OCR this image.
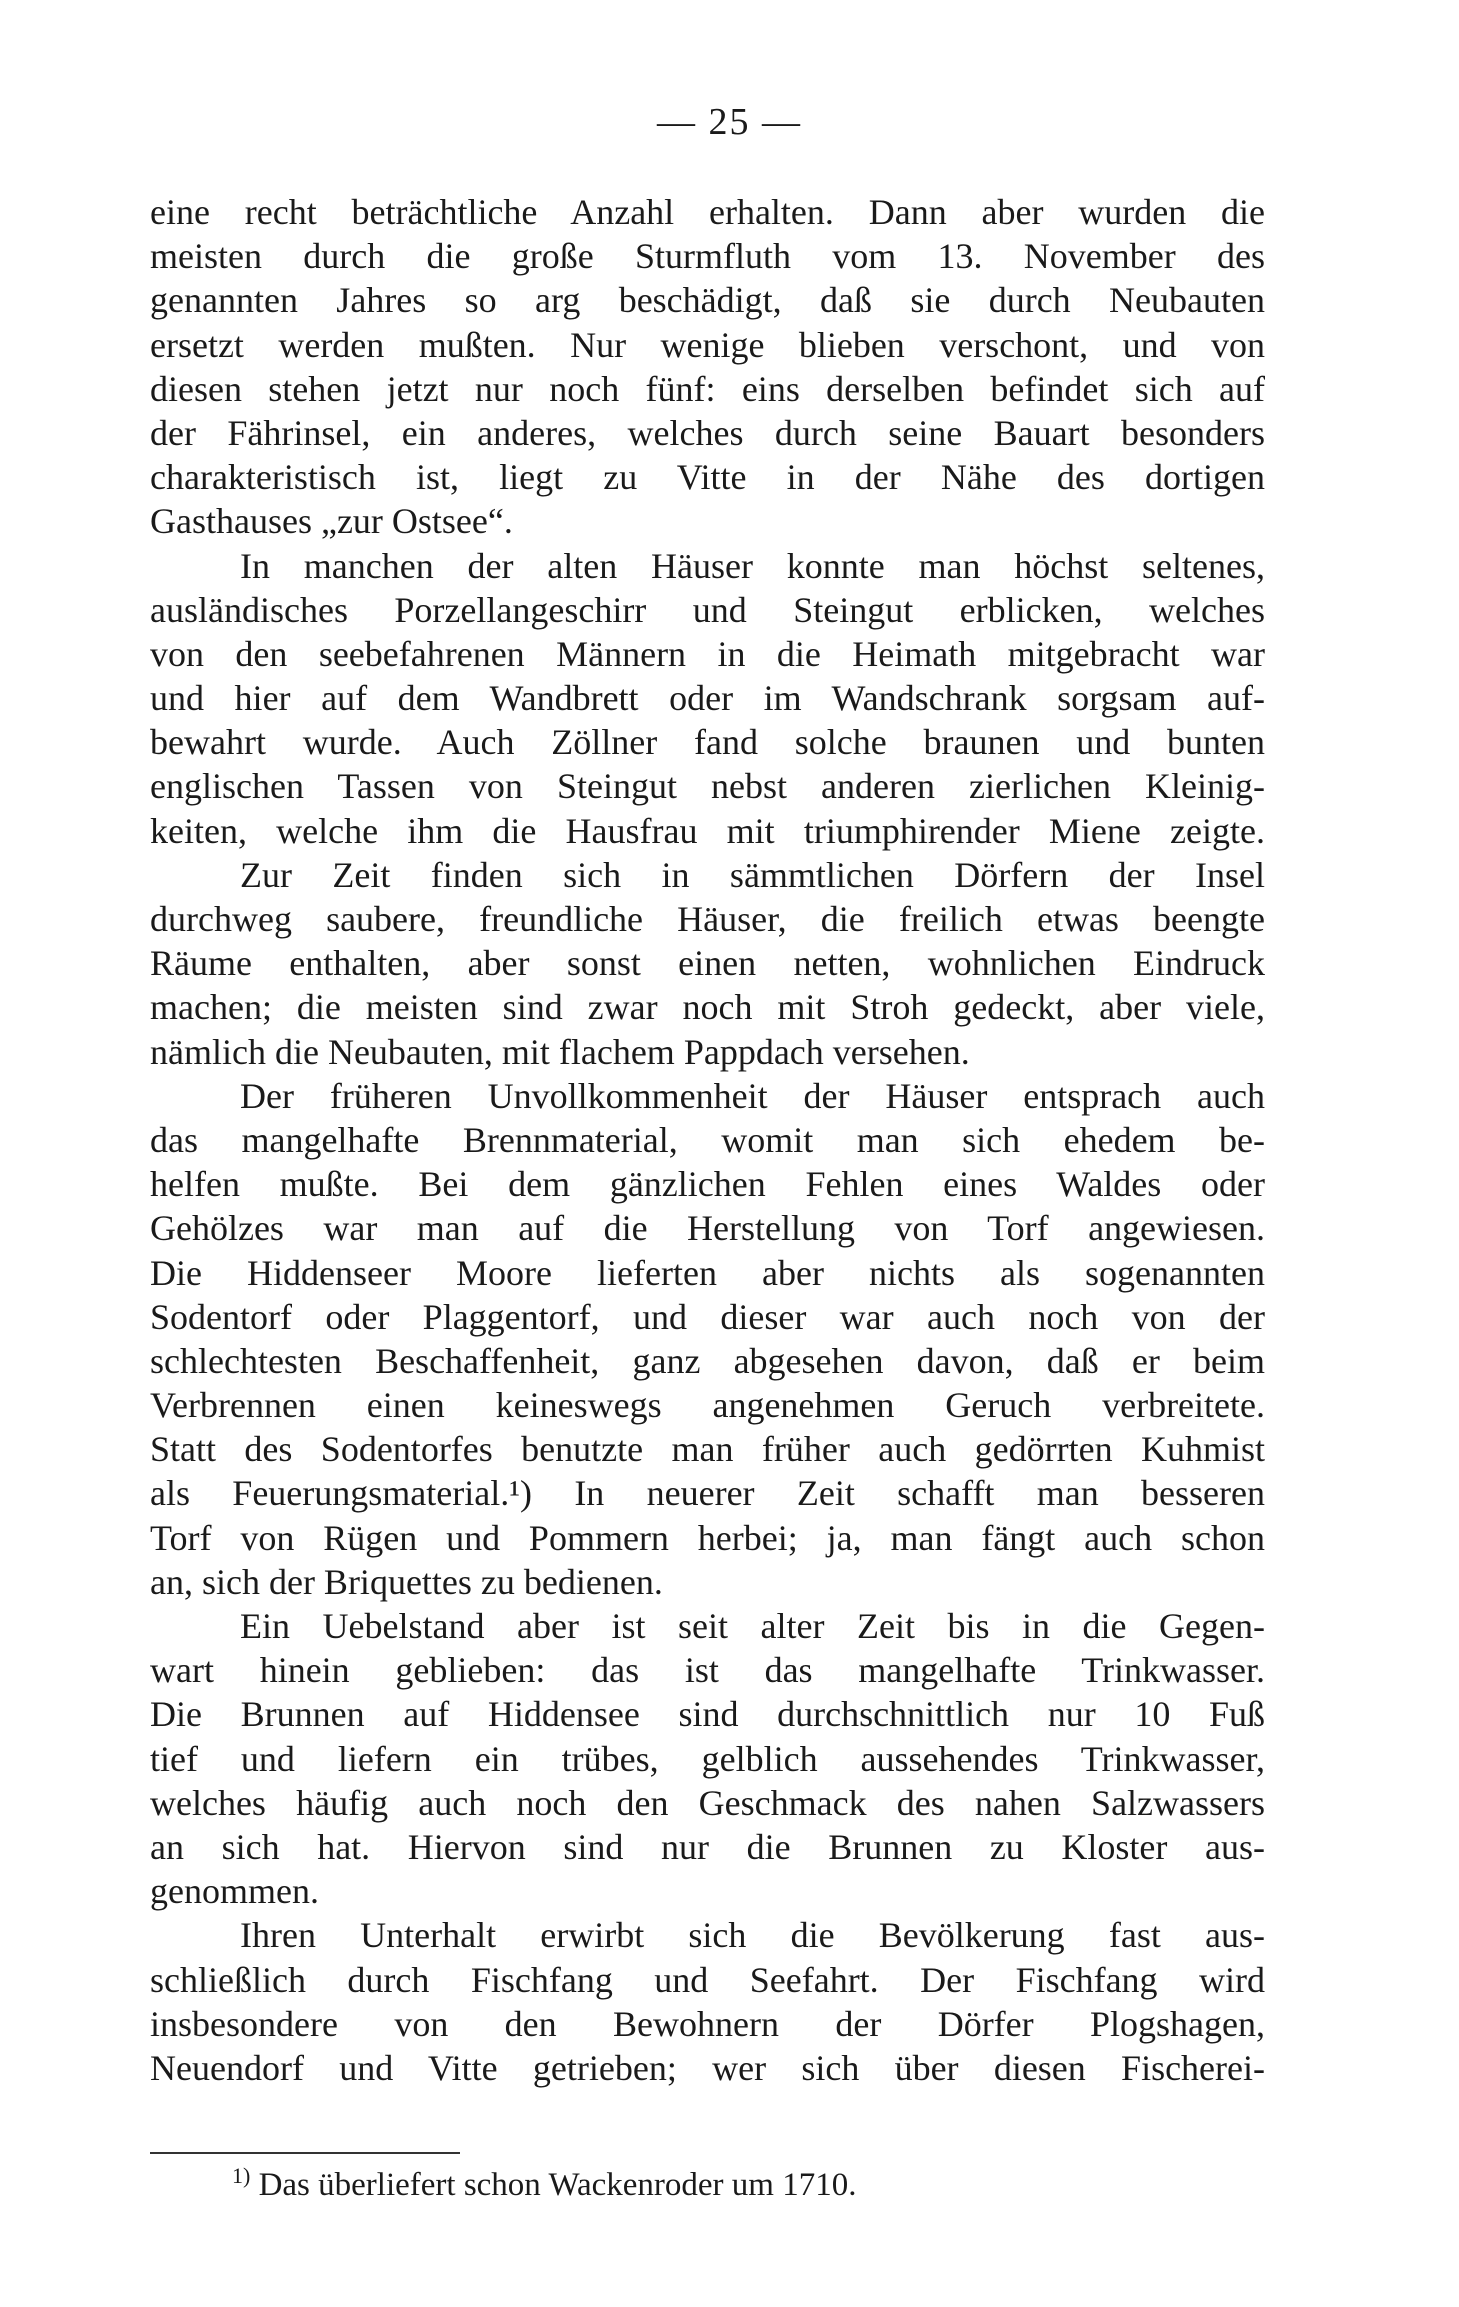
— 25 —
eine recht beträchtliche Anzahl erhalten. Dann aber wurden die
meisten durch die große Sturmfluth vom 13. November des
genannten Jahres so arg beschädigt, daß sie durch Neubauten
ersetzt werden mußten. Nur wenige blieben verschont, und von
diesen stehen jetzt nur noch fünf: eins derselben befindet sich auf
der Fährinsel, ein anderes, welches durch seine Bauart besonders
charakteristisch ist, liegt zu Vitte in der Nähe des dortigen
Gasthauses „zur Ostsee“.
In manchen der alten Häuser konnte man höchst seltenes,
ausländisches Porzellangeschirr und Steingut erblicken, welches
von den seebefahrenen Männern in die Heimath mitgebracht war
und hier auf dem Wandbrett oder im Wandschrank sorgsam auf-
bewahrt wurde. Auch Zöllner fand solche braunen und bunten
englischen Tassen von Steingut nebst anderen zierlichen Kleinig-
keiten, welche ihm die Hausfrau mit triumphirender Miene zeigte.
Zur Zeit finden sich in sämmtlichen Dörfern der Insel
durchweg saubere, freundliche Häuser, die freilich etwas beengte
Räume enthalten, aber sonst einen netten, wohnlichen Eindruck
machen; die meisten sind zwar noch mit Stroh gedeckt, aber viele,
nämlich die Neubauten, mit flachem Pappdach versehen.
Der früheren Unvollkommenheit der Häuser entsprach auch
das mangelhafte Brennmaterial, womit man sich ehedem be-
helfen mußte. Bei dem gänzlichen Fehlen eines Waldes oder
Gehölzes war man auf die Herstellung von Torf angewiesen.
Die Hiddenseer Moore lieferten aber nichts als sogenannten
Sodentorf oder Plaggentorf, und dieser war auch noch von der
schlechtesten Beschaffenheit, ganz abgesehen davon, daß er beim
Verbrennen einen keineswegs angenehmen Geruch verbreitete.
Statt des Sodentorfes benutzte man früher auch gedörrten Kuhmist
als Feuerungsmaterial.¹) In neuerer Zeit schafft man besseren
Torf von Rügen und Pommern herbei; ja, man fängt auch schon
an, sich der Briquettes zu bedienen.
Ein Uebelstand aber ist seit alter Zeit bis in die Gegen-
wart hinein geblieben: das ist das mangelhafte Trinkwasser.
Die Brunnen auf Hiddensee sind durchschnittlich nur 10 Fuß
tief und liefern ein trübes, gelblich aussehendes Trinkwasser,
welches häufig auch noch den Geschmack des nahen Salzwassers
an sich hat. Hiervon sind nur die Brunnen zu Kloster aus-
genommen.
Ihren Unterhalt erwirbt sich die Bevölkerung fast aus-
schließlich durch Fischfang und Seefahrt. Der Fischfang wird
insbesondere von den Bewohnern der Dörfer Plogshagen,
Neuendorf und Vitte getrieben; wer sich über diesen Fischerei-
$^{1)}$ Das überliefert schon Wackenroder um 1710.
